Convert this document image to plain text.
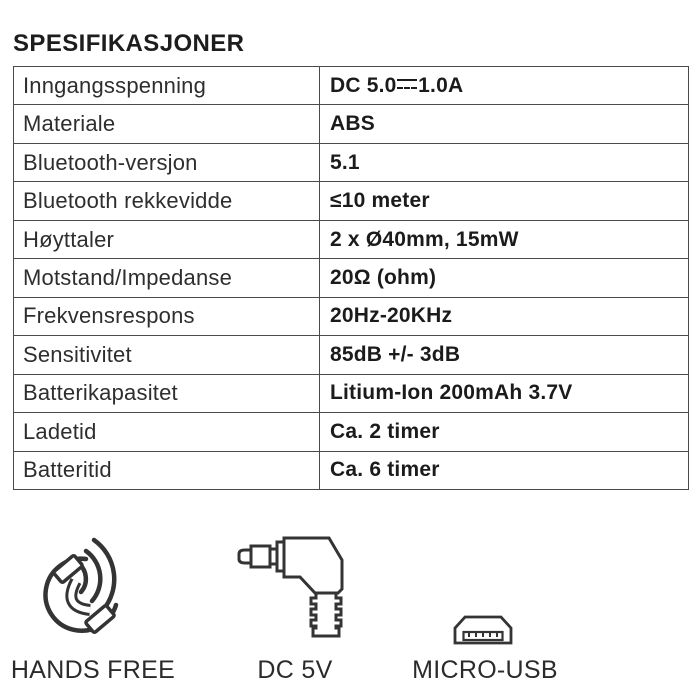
SPESIFIKASJONER
Inngangsspenning	DC 5.0 1.0A
Materiale	ABS
Bluetooth-versjon	5.1
Bluetooth rekkevidde	≤10 meter
Høyttaler	2 x Ø40mm, 15mW
Motstand/Impedanse	20Ω (ohm)
Frekvensrespons	20Hz-20KHz
Sensitivitet	85dB +/- 3dB
Batterikapasitet	Litium-Ion 200mAh 3.7V
Ladetid	Ca. 2 timer
Batteritid	Ca. 6 timer
HANDS FREE	DC 5V	MICRO-USB
